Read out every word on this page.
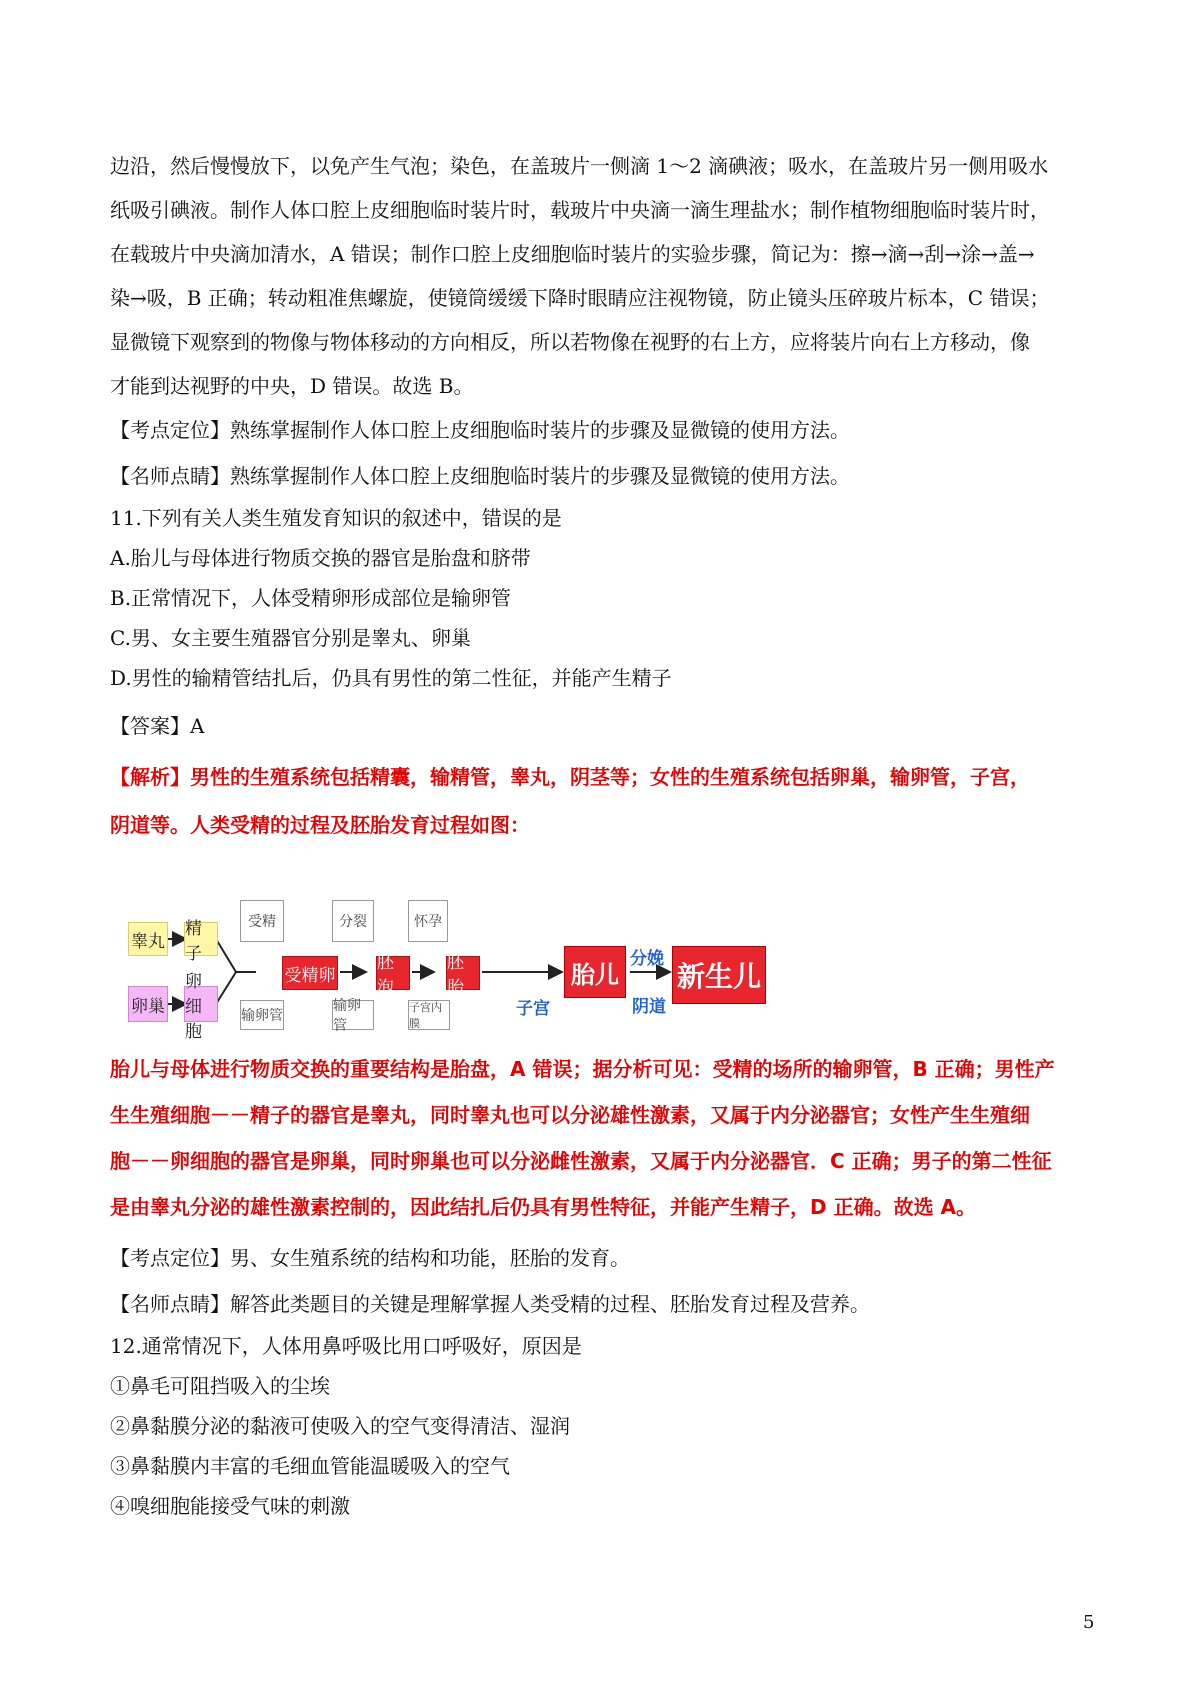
边沿，然后慢慢放下，以免产生气泡；染色，在盖玻片一侧滴 1～2 滴碘液；吸水，在盖玻片另一侧用吸水
纸吸引碘液。制作人体口腔上皮细胞临时装片时，载玻片中央滴一滴生理盐水；制作植物细胞临时装片时，
在载玻片中央滴加清水，A 错误；制作口腔上皮细胞临时装片的实验步骤，简记为：擦→滴→刮→涂→盖→
染→吸，B 正确；转动粗准焦螺旋，使镜筒缓缓下降时眼睛应注视物镜，防止镜头压碎玻片标本，C 错误；
显微镜下观察到的物像与物体移动的方向相反，所以若物像在视野的右上方，应将装片向右上方移动，像
才能到达视野的中央，D 错误。故选 B。
【考点定位】熟练掌握制作人体口腔上皮细胞临时装片的步骤及显微镜的使用方法。
【名师点睛】熟练掌握制作人体口腔上皮细胞临时装片的步骤及显微镜的使用方法。
11.下列有关人类生殖发育知识的叙述中，错误的是
A.胎儿与母体进行物质交换的器官是胎盘和脐带
B.正常情况下，人体受精卵形成部位是输卵管
C.男、女主要生殖器官分别是睾丸、卵巢
D.男性的输精管结扎后，仍具有男性的第二性征，并能产生精子
【答案】A
【解析】男性的生殖系统包括精囊，输精管，睾丸，阴茎等；女性的生殖系统包括卵巢，输卵管，子宫，
阴道等。人类受精的过程及胚胎发育过程如图：
睾丸
精子
卵巢
卵细胞
受精
输卵管
受精卵
分裂
输卵管
胚泡
怀孕
子宫内膜
胚胎
子宫
胎儿
分娩
阴道
新生儿
胎儿与母体进行物质交换的重要结构是胎盘，A 错误；据分析可见：受精的场所的输卵管，B 正确；男性产
生生殖细胞－－精子的器官是睾丸，同时睾丸也可以分泌雄性激素，又属于内分泌器官；女性产生生殖细
胞－－卵细胞的器官是卵巢，同时卵巢也可以分泌雌性激素，又属于内分泌器官．C 正确；男子的第二性征
是由睾丸分泌的雄性激素控制的，因此结扎后仍具有男性特征，并能产生精子，D 正确。故选 A。
【考点定位】男、女生殖系统的结构和功能，胚胎的发育。
【名师点睛】解答此类题目的关键是理解掌握人类受精的过程、胚胎发育过程及营养。
12.通常情况下，人体用鼻呼吸比用口呼吸好，原因是
①鼻毛可阻挡吸入的尘埃
②鼻黏膜分泌的黏液可使吸入的空气变得清洁、湿润
③鼻黏膜内丰富的毛细血管能温暖吸入的空气
④嗅细胞能接受气味的刺激
5
